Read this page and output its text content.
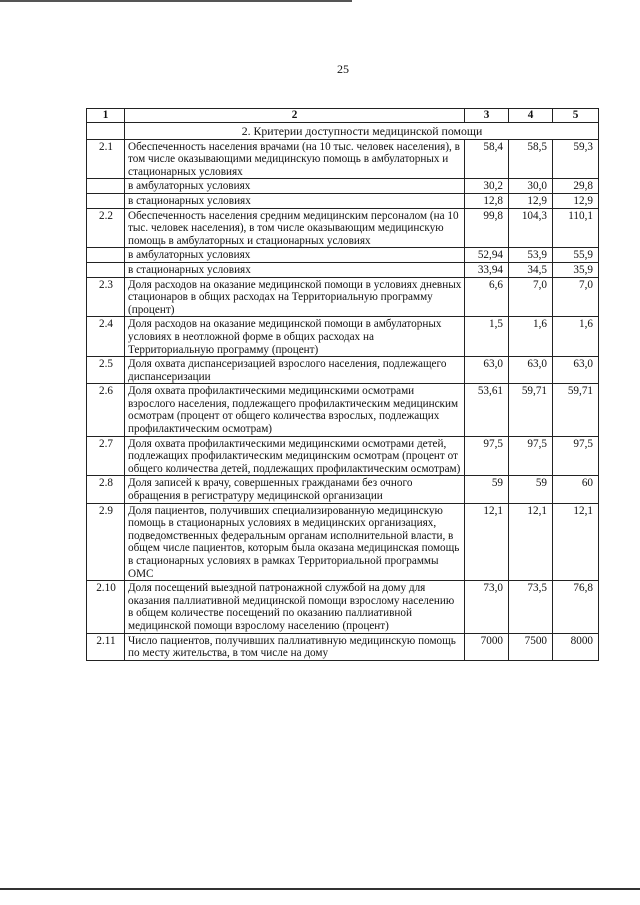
25
1	2	3	4	5
	2. Критерии доступности медицинской помощи			
2.1	Обеспеченность населения врачами (на 10 тыс. человек населения), в том числе оказывающими медицинскую помощь в амбулаторных и стационарных условиях	58,4	58,5	59,3
	в амбулаторных условиях	30,2	30,0	29,8
	в стационарных условиях	12,8	12,9	12,9
2.2	Обеспеченность населения средним медицинским персоналом (на 10 тыс. человек населения), в том числе оказывающим медицинскую помощь в амбулаторных и стационарных условиях	99,8	104,3	110,1
	в амбулаторных условиях	52,94	53,9	55,9
	в стационарных условиях	33,94	34,5	35,9
2.3	Доля расходов на оказание медицинской помощи в условиях дневных стационаров в общих расходах на Территориальную программу (процент)	6,6	7,0	7,0
2.4	Доля расходов на оказание медицинской помощи в амбулаторных условиях в неотложной форме в общих расходах на Территориальную программу (процент)	1,5	1,6	1,6
2.5	Доля охвата диспансеризацией взрослого населения, подлежащего диспансеризации	63,0	63,0	63,0
2.6	Доля охвата профилактическими медицинскими осмотрами взрослого населения, подлежащего профилактическим медицинским осмотрам (процент от общего количества взрослых, подлежащих профилактическим осмотрам)	53,61	59,71	59,71
2.7	Доля охвата профилактическими медицинскими осмотрами детей, подлежащих профилактическим медицинским осмотрам (процент от общего количества детей, подлежащих профилактическим осмотрам)	97,5	97,5	97,5
2.8	Доля записей к врачу, совершенных гражданами без очного обращения в регистратуру медицинской организации	59	59	60
2.9	Доля пациентов, получивших специализированную медицинскую помощь в стационарных условиях в медицинских организациях, подведомственных федеральным органам исполнительной власти, в общем числе пациентов, которым была оказана медицинская помощь в стационарных условиях в рамках Территориальной программы ОМС	12,1	12,1	12,1
2.10	Доля посещений выездной патронажной службой на дому для оказания паллиативной медицинской помощи взрослому населению в общем количестве посещений по оказанию паллиативной медицинской помощи взрослому населению (процент)	73,0	73,5	76,8
2.11	Число пациентов, получивших паллиативную медицинскую помощь по месту жительства, в том числе на дому	7000	7500	8000
